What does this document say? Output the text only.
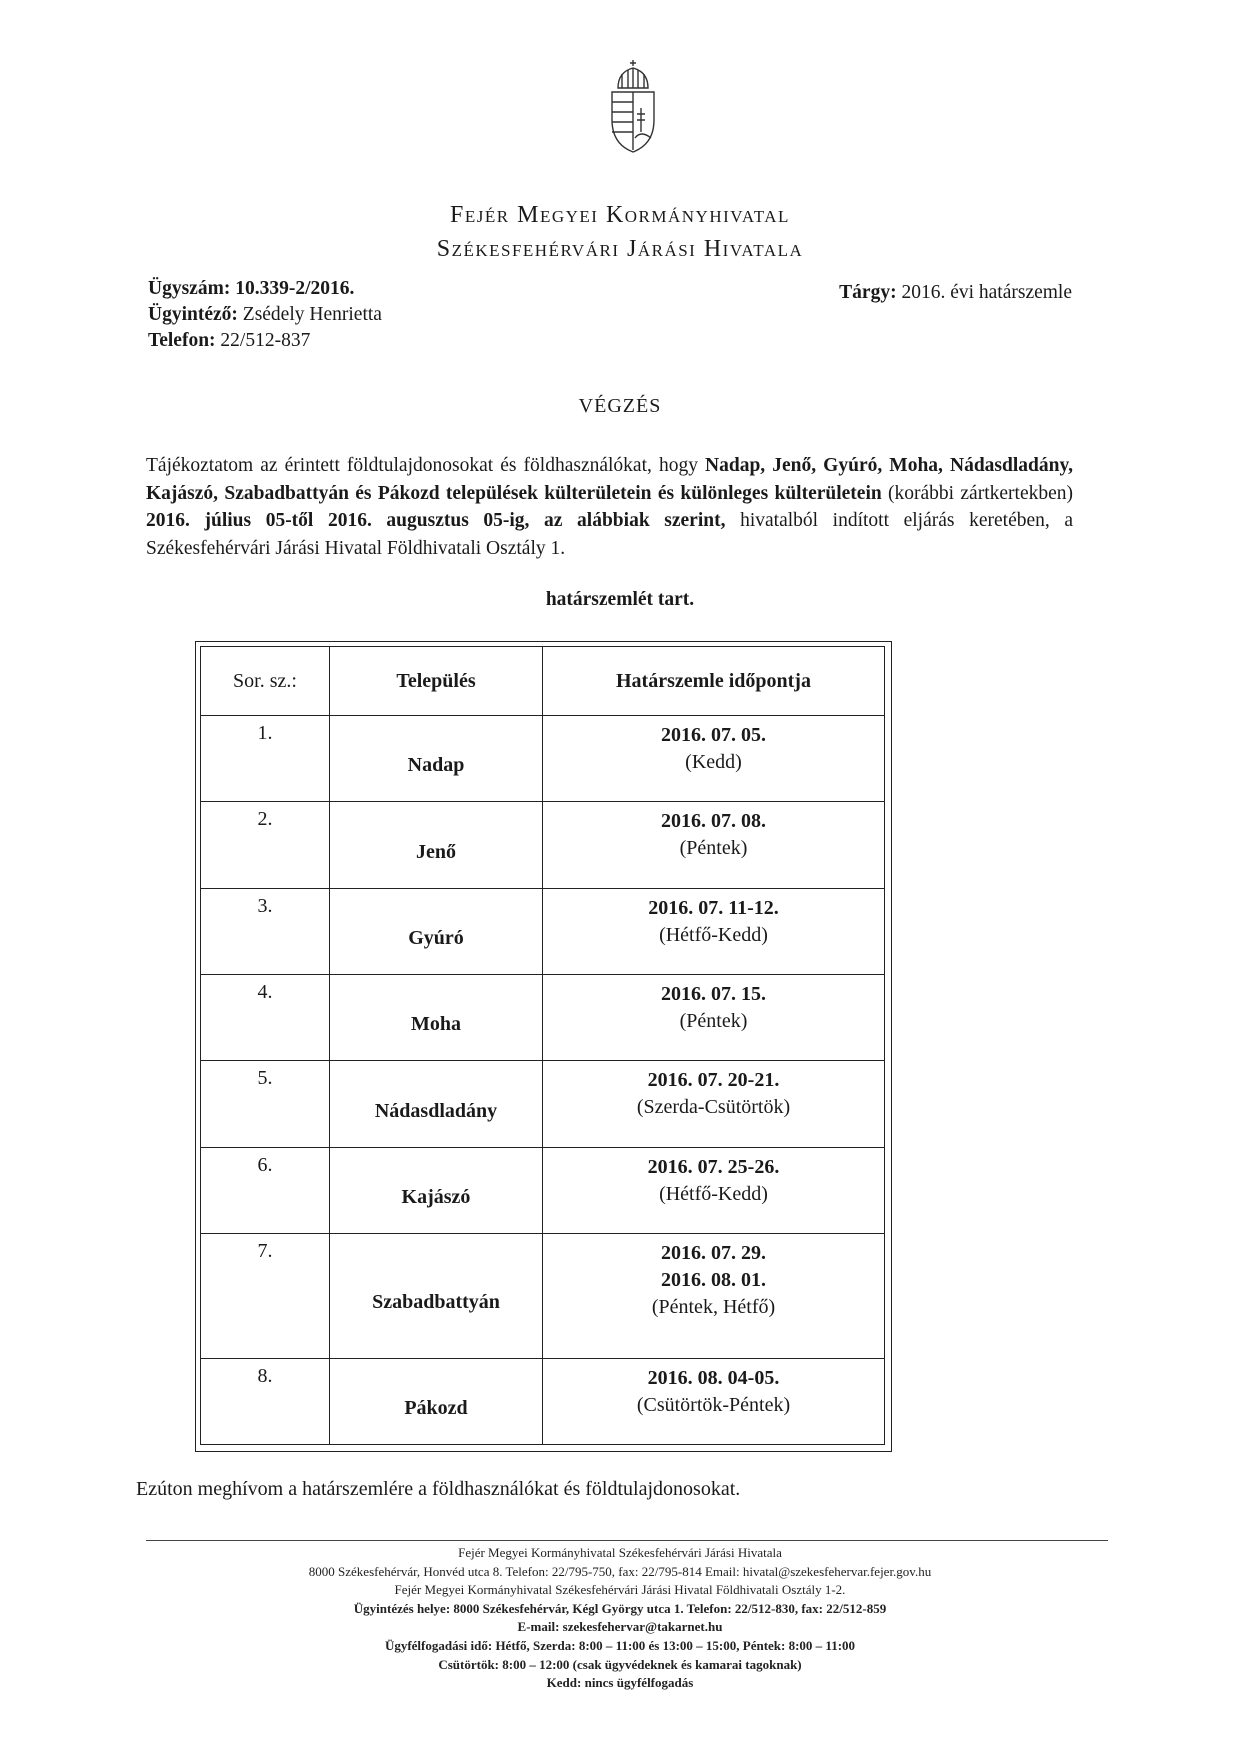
Fejér Megyei Kormányhivatal

Székesfehérvári Járási Hivatala

Ügyszám: 10.339-2/2016.
Ügyintéző: Zsédely Henrietta
Telefon: 22/512-837
Tárgy: 2016. évi határszemle
VÉGZÉS
Tájékoztatom az érintett földtulajdonosokat és földhasználókat, hogy Nadap, Jenő, Gyúró, Moha, Nádasdladány, Kajászó, Szabadbattyán és Pákozd települések külterületein és különleges külterületein (korábbi zártkertekben) 2016. július 05-től 2016. augusztus 05-ig, az alábbiak szerint, hivatalból indított eljárás keretében, a Székesfehérvári Járási Hivatal Földhivatali Osztály 1.
határszemlét tart.
Sor. sz.:	Település	Határszemle időpontja
1.	Nadap	2016. 07. 05.
(Kedd)

2.	Jenő	2016. 07. 08.
(Péntek)

3.	Gyúró	2016. 07. 11-12.
(Hétfő-Kedd)

4.	Moha	2016. 07. 15.
(Péntek)

5.	Nádasdladány	2016. 07. 20-21.
(Szerda-Csütörtök)

6.	Kajászó	2016. 07. 25-26.
(Hétfő-Kedd)

7.	Szabadbattyán	2016. 07. 29.
2016. 08. 01.
(Péntek, Hétfő)

8.	Pákozd	2016. 08. 04-05.
(Csütörtök-Péntek)
Ezúton meghívom a határszemlére a földhasználókat és földtulajdonosokat.
Fejér Megyei Kormányhivatal Székesfehérvári Járási Hivatala
8000 Székesfehérvár, Honvéd utca 8. Telefon: 22/795-750, fax: 22/795-814 Email: hivatal@szekesfehervar.fejer.gov.hu
Fejér Megyei Kormányhivatal Székesfehérvári Járási Hivatal Földhivatali Osztály 1-2.
Ügyintézés helye: 8000 Székesfehérvár, Kégl György utca 1. Telefon: 22/512-830, fax: 22/512-859
E-mail: szekesfehervar@takarnet.hu
Ügyfélfogadási idő: Hétfő, Szerda: 8:00 – 11:00 és 13:00 – 15:00, Péntek: 8:00 – 11:00
Csütörtök: 8:00 – 12:00 (csak ügyvédeknek és kamarai tagoknak)
Kedd: nincs ügyfélfogadás
